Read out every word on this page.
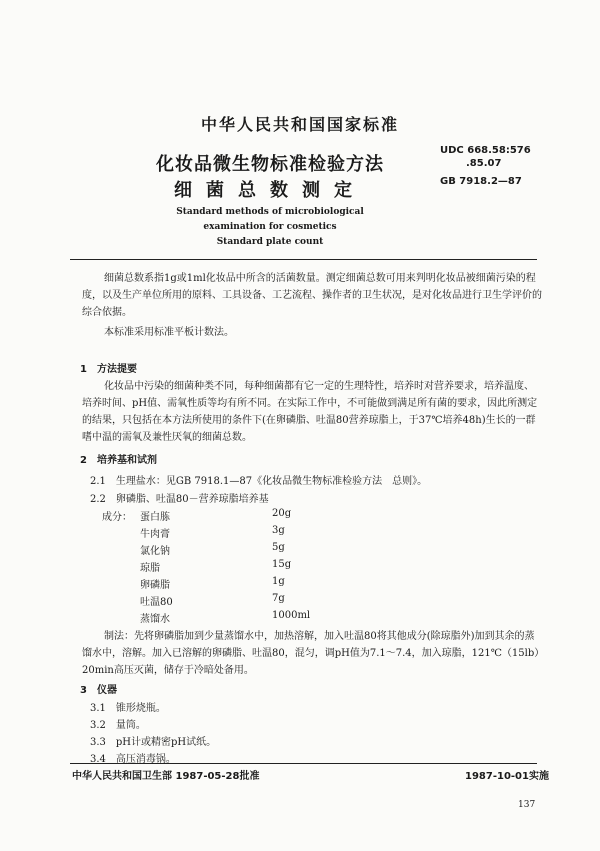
中华人民共和国国家标准
化妆品微生物标准检验方法
细菌总数测定
UDC 668.58:576
.85.07
GB 7918.2—87
Standard methods of microbiological
examination for cosmetics
Standard plate count
细菌总数系指1g或1ml化妆品中所含的活菌数量。测定细菌总数可用来判明化妆品被细菌污染的程度，以及生产单位所用的原料、工具设备、工艺流程、操作者的卫生状况，是对化妆品进行卫生学评价的综合依据。
本标准采用标准平板计数法。
1　方法提要
化妆品中污染的细菌种类不同，每种细菌都有它一定的生理特性，培养时对营养要求，培养温度、培养时间、pH值、需氧性质等均有所不同。在实际工作中，不可能做到满足所有菌的要求，因此所测定的结果，只包括在本方法所使用的条件下(在卵磷脂、吐温80营养琼脂上，于37℃培养48h)生长的一群嗜中温的需氧及兼性厌氧的细菌总数。
2　培养基和试剂
2.1　生理盐水：见GB 7918.1—87《化妆品微生物标准检验方法　总则》。
2.2　卵磷脂、吐温80－营养琼脂培养基
成分： 蛋白胨	20g
牛肉膏	3g
氯化钠	5g
琼脂	15g
卵磷脂	1g
吐温80	7g
蒸馏水	1000ml
制法：先将卵磷脂加到少量蒸馏水中，加热溶解，加入吐温80将其他成分(除琼脂外)加到其余的蒸馏水中，溶解。加入已溶解的卵磷脂、吐温80，混匀，调pH值为7.1～7.4，加入琼脂，121℃（15lb）20min高压灭菌，储存于冷暗处备用。
3　仪器
3.1　锥形烧瓶。
3.2　量筒。
3.3　pH计或精密pH试纸。
3.4　高压消毒锅。
中华人民共和国卫生部 1987-05-28批准	1987-10-01实施
137
